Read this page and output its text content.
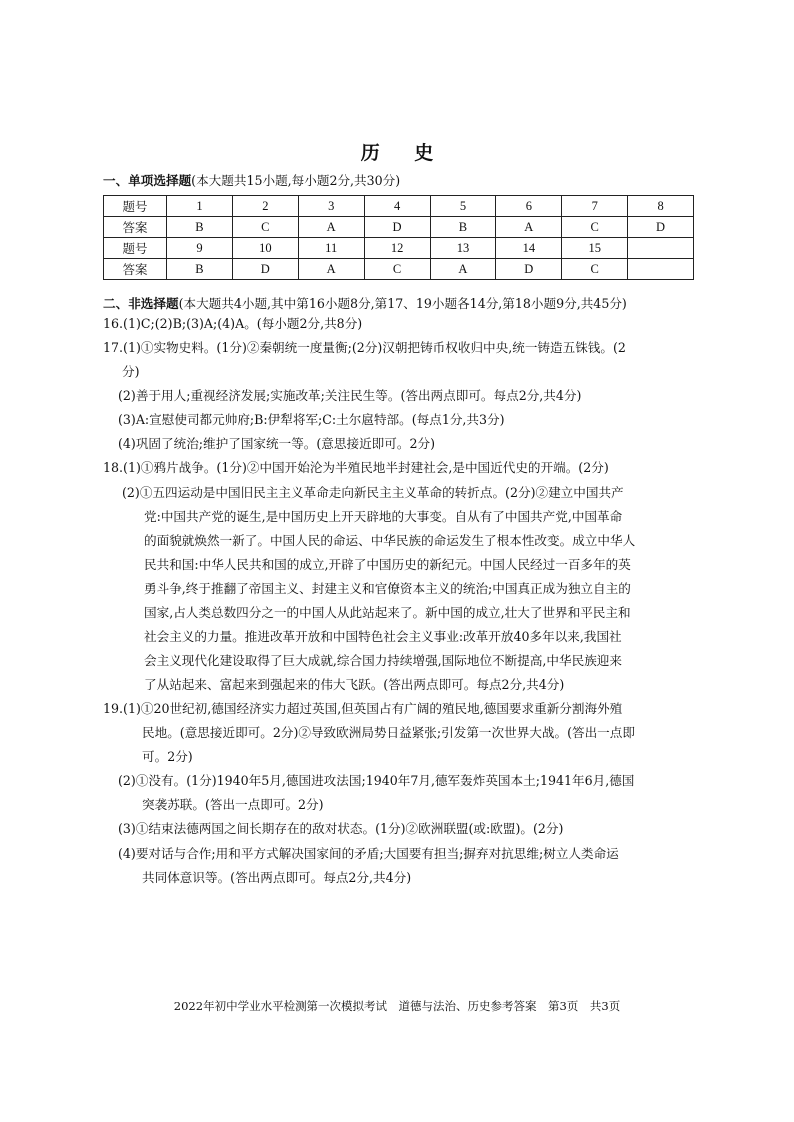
历 史
一、单项选择题(本大题共15小题,每小题2分,共30分)
题号	1	2	3	4	5	6	7	8
答案	B	C	A	D	B	A	C	D
题号	9	10	11	12	13	14	15	
答案	B	D	A	C	A	D	C	
二、非选择题(本大题共4小题,其中第16小题8分,第17、19小题各14分,第18小题9分,共45分)
16.(1)C;(2)B;(3)A;(4)A。(每小题2分,共8分)
17.(1)①实物史料。(1分)②秦朝统一度量衡;(2分)汉朝把铸币权收归中央,统一铸造五铢钱。(2
分)
(2)善于用人;重视经济发展;实施改革;关注民生等。(答出两点即可。每点2分,共4分)
(3)A:宣慰使司都元帅府;B:伊犁将军;C:土尔扈特部。(每点1分,共3分)
(4)巩固了统治;维护了国家统一等。(意思接近即可。2分)
18.(1)①鸦片战争。(1分)②中国开始沦为半殖民地半封建社会,是中国近代史的开端。(2分)
(2)①五四运动是中国旧民主主义革命走向新民主主义革命的转折点。(2分)②建立中国共产
党:中国共产党的诞生,是中国历史上开天辟地的大事变。自从有了中国共产党,中国革命
的面貌就焕然一新了。中国人民的命运、中华民族的命运发生了根本性改变。成立中华人
民共和国:中华人民共和国的成立,开辟了中国历史的新纪元。中国人民经过一百多年的英
勇斗争,终于推翻了帝国主义、封建主义和官僚资本主义的统治;中国真正成为独立自主的
国家,占人类总数四分之一的中国人从此站起来了。新中国的成立,壮大了世界和平民主和
社会主义的力量。推进改革开放和中国特色社会主义事业:改革开放40多年以来,我国社
会主义现代化建设取得了巨大成就,综合国力持续增强,国际地位不断提高,中华民族迎来
了从站起来、富起来到强起来的伟大飞跃。(答出两点即可。每点2分,共4分)
19.(1)①20世纪初,德国经济实力超过英国,但英国占有广阔的殖民地,德国要求重新分割海外殖
民地。(意思接近即可。2分)②导致欧洲局势日益紧张;引发第一次世界大战。(答出一点即
可。2分)
(2)①没有。(1分)1940年5月,德国进攻法国;1940年7月,德军轰炸英国本土;1941年6月,德国
突袭苏联。(答出一点即可。2分)
(3)①结束法德两国之间长期存在的敌对状态。(1分)②欧洲联盟(或:欧盟)。(2分)
(4)要对话与合作;用和平方式解决国家间的矛盾;大国要有担当;摒弃对抗思维;树立人类命运
共同体意识等。(答出两点即可。每点2分,共4分)
2022年初中学业水平检测第一次模拟考试　道德与法治、历史参考答案　第3页　共3页
